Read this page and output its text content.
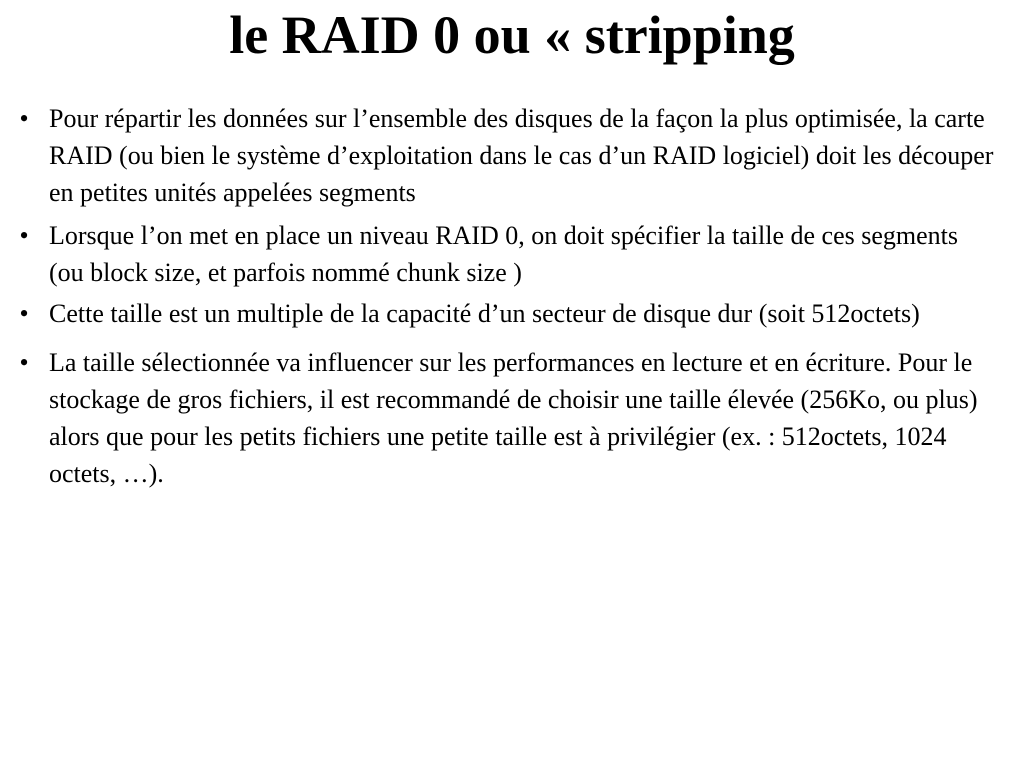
le RAID 0 ou « stripping
• Pour répartir les données sur l’ensemble des disques de la façon la plus optimisée, la carte RAID (ou bien le système d’exploitation dans le cas d’un RAID logiciel) doit les découper en petites unités appelées segments
• Lorsque l’on met en place un niveau RAID 0, on doit spécifier la taille de ces segments (ou block size, et parfois nommé chunk size )
• Cette taille est un multiple de la capacité d’un secteur de disque dur (soit 512octets)
• La taille sélectionnée va influencer sur les performances en lecture et en écriture. Pour le stockage de gros fichiers, il est recommandé de choisir une taille élevée (256Ko, ou plus) alors que pour les petits fichiers une petite taille est à privilégier (ex. : 512octets, 1024 octets, …).
